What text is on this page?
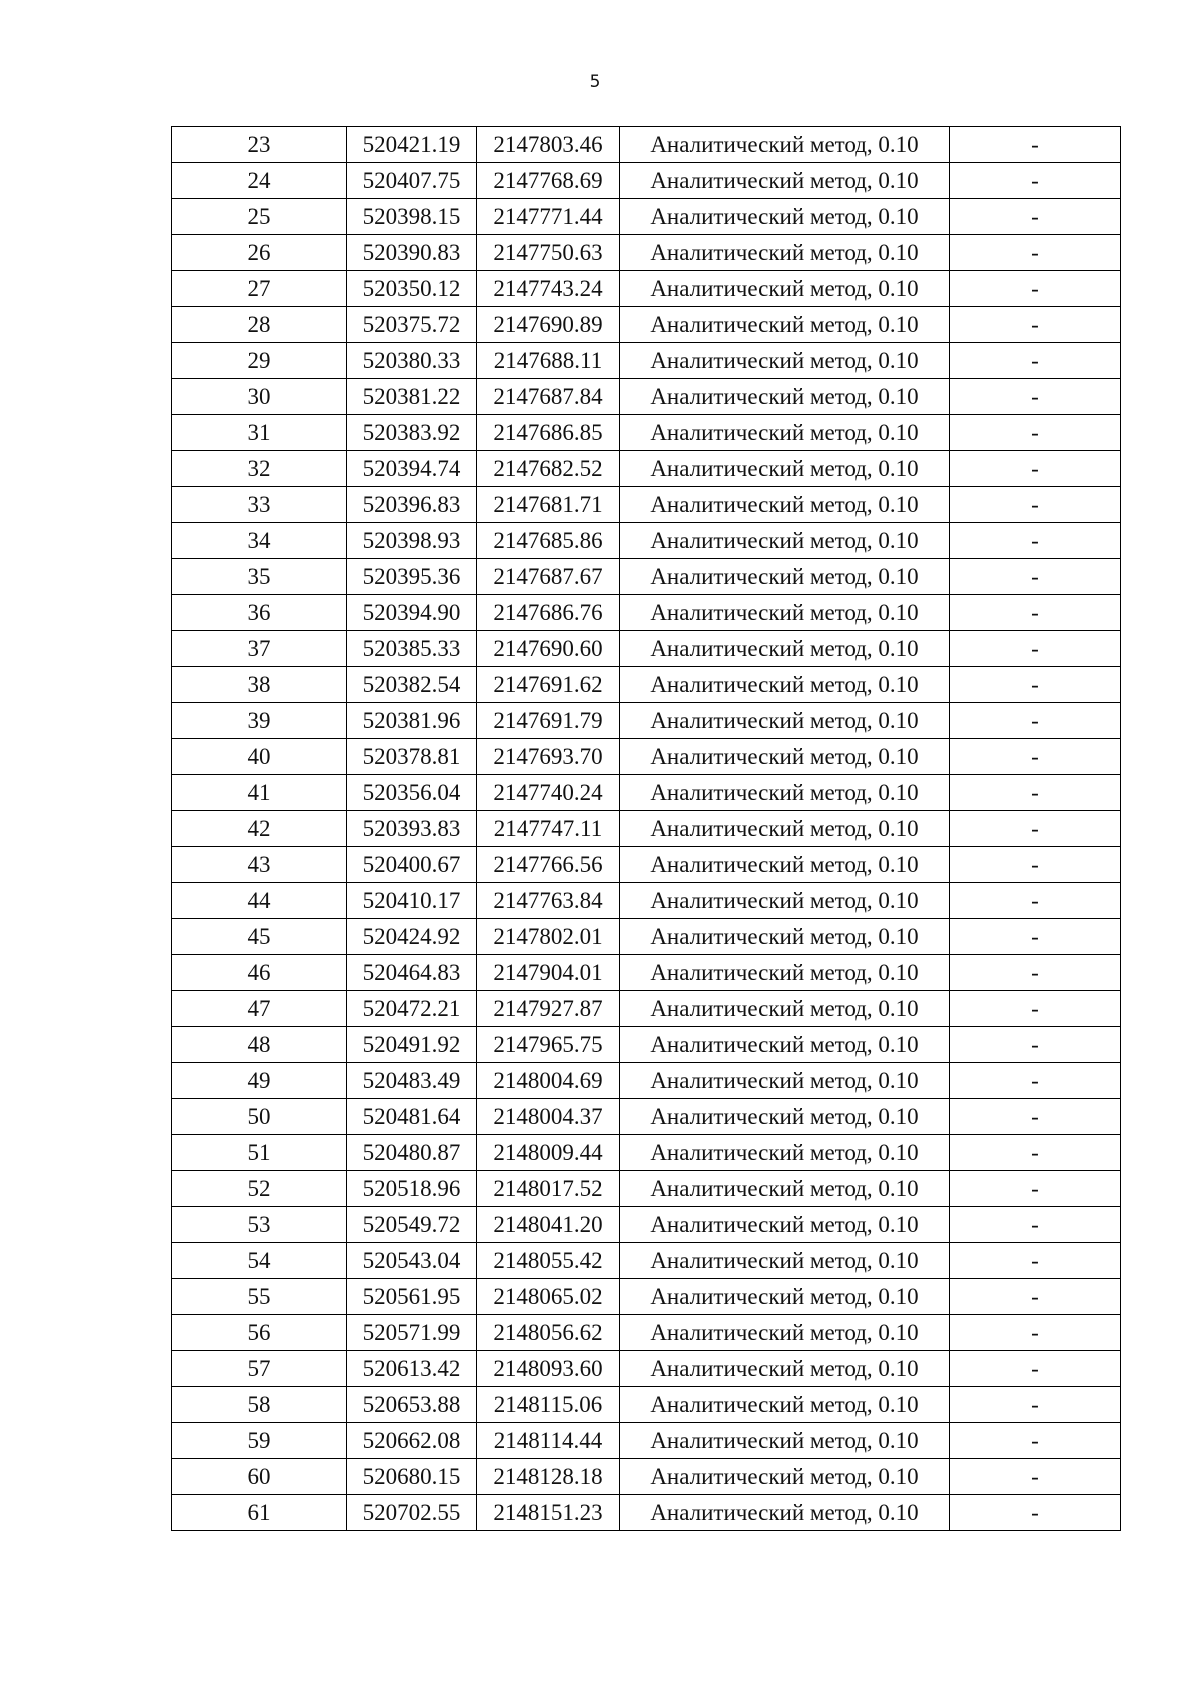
5
23	520421.19	2147803.46	Аналитический метод, 0.10	-
24	520407.75	2147768.69	Аналитический метод, 0.10	-
25	520398.15	2147771.44	Аналитический метод, 0.10	-
26	520390.83	2147750.63	Аналитический метод, 0.10	-
27	520350.12	2147743.24	Аналитический метод, 0.10	-
28	520375.72	2147690.89	Аналитический метод, 0.10	-
29	520380.33	2147688.11	Аналитический метод, 0.10	-
30	520381.22	2147687.84	Аналитический метод, 0.10	-
31	520383.92	2147686.85	Аналитический метод, 0.10	-
32	520394.74	2147682.52	Аналитический метод, 0.10	-
33	520396.83	2147681.71	Аналитический метод, 0.10	-
34	520398.93	2147685.86	Аналитический метод, 0.10	-
35	520395.36	2147687.67	Аналитический метод, 0.10	-
36	520394.90	2147686.76	Аналитический метод, 0.10	-
37	520385.33	2147690.60	Аналитический метод, 0.10	-
38	520382.54	2147691.62	Аналитический метод, 0.10	-
39	520381.96	2147691.79	Аналитический метод, 0.10	-
40	520378.81	2147693.70	Аналитический метод, 0.10	-
41	520356.04	2147740.24	Аналитический метод, 0.10	-
42	520393.83	2147747.11	Аналитический метод, 0.10	-
43	520400.67	2147766.56	Аналитический метод, 0.10	-
44	520410.17	2147763.84	Аналитический метод, 0.10	-
45	520424.92	2147802.01	Аналитический метод, 0.10	-
46	520464.83	2147904.01	Аналитический метод, 0.10	-
47	520472.21	2147927.87	Аналитический метод, 0.10	-
48	520491.92	2147965.75	Аналитический метод, 0.10	-
49	520483.49	2148004.69	Аналитический метод, 0.10	-
50	520481.64	2148004.37	Аналитический метод, 0.10	-
51	520480.87	2148009.44	Аналитический метод, 0.10	-
52	520518.96	2148017.52	Аналитический метод, 0.10	-
53	520549.72	2148041.20	Аналитический метод, 0.10	-
54	520543.04	2148055.42	Аналитический метод, 0.10	-
55	520561.95	2148065.02	Аналитический метод, 0.10	-
56	520571.99	2148056.62	Аналитический метод, 0.10	-
57	520613.42	2148093.60	Аналитический метод, 0.10	-
58	520653.88	2148115.06	Аналитический метод, 0.10	-
59	520662.08	2148114.44	Аналитический метод, 0.10	-
60	520680.15	2148128.18	Аналитический метод, 0.10	-
61	520702.55	2148151.23	Аналитический метод, 0.10	-
